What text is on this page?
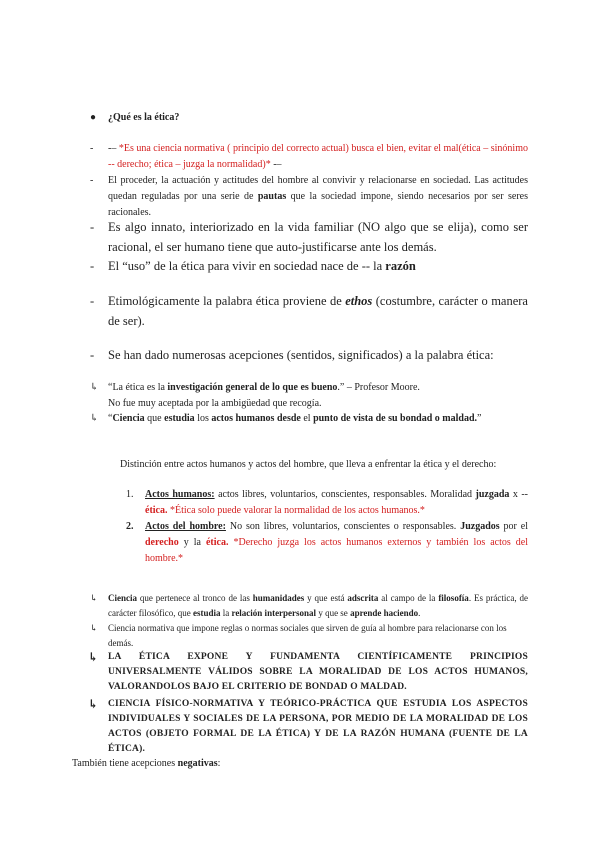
● ¿Qué es la ética?
- -– *Es una ciencia normativa ( principio del correcto actual) busca el bien, evitar el mal(ética – sinónimo -- derecho; ética – juzga la normalidad)* -–
- El proceder, la actuación y actitudes del hombre al convivir y relacionarse en sociedad. Las actitudes quedan reguladas por una serie de pautas que la sociedad impone, siendo necesarios por ser seres racionales.
- Es algo innato, interiorizado en la vida familiar (NO algo que se elija), como ser racional, el ser humano tiene que auto-justificarse ante los demás.
- El “uso” de la ética para vivir en sociedad nace de -- la razón
- Etimológicamente la palabra ética proviene de ethos (costumbre, carácter o manera de ser).
- Se han dado numerosas acepciones (sentidos, significados) a la palabra ética:
↳ “La ética es la investigación general de lo que es bueno.” – Profesor Moore.
No fue muy aceptada por la ambigüedad que recogía.
↳ “Ciencia que estudia los actos humanos desde el punto de vista de su bondad o maldad.”
Distinción entre actos humanos y actos del hombre, que lleva a enfrentar la ética y el derecho:
1. Actos humanos: actos libres, voluntarios, conscientes, responsables. Moralidad juzgada x -- ética. *Ética solo puede valorar la normalidad de los actos humanos.*
2. Actos del hombre: No son libres, voluntarios, conscientes o responsables. Juzgados por el derecho y la ética. *Derecho juzga los actos humanos externos y también los actos del hombre.*
↳ Ciencia que pertenece al tronco de las humanidades y que está adscrita al campo de la filosofía. Es práctica, de carácter filosófico, que estudia la relación interpersonal y que se aprende haciendo.
↳ Ciencia normativa que impone reglas o normas sociales que sirven de guía al hombre para relacionarse con los demás.
↳ LA ÉTICA EXPONE Y FUNDAMENTA CIENTÍFICAMENTE PRINCIPIOS UNIVERSALMENTE VÁLIDOS SOBRE LA MORALIDAD DE LOS ACTOS HUMANOS, VALORANDOLOS BAJO EL CRITERIO DE BONDAD O MALDAD.
↳ CIENCIA FÍSICO-NORMATIVA Y TEÓRICO-PRÁCTICA QUE ESTUDIA LOS ASPECTOS INDIVIDUALES Y SOCIALES DE LA PERSONA, POR MEDIO DE LA MORALIDAD DE LOS ACTOS (OBJETO FORMAL DE LA ÉTICA) Y DE LA RAZÓN HUMANA (FUENTE DE LA ÉTICA).
También tiene acepciones negativas:
